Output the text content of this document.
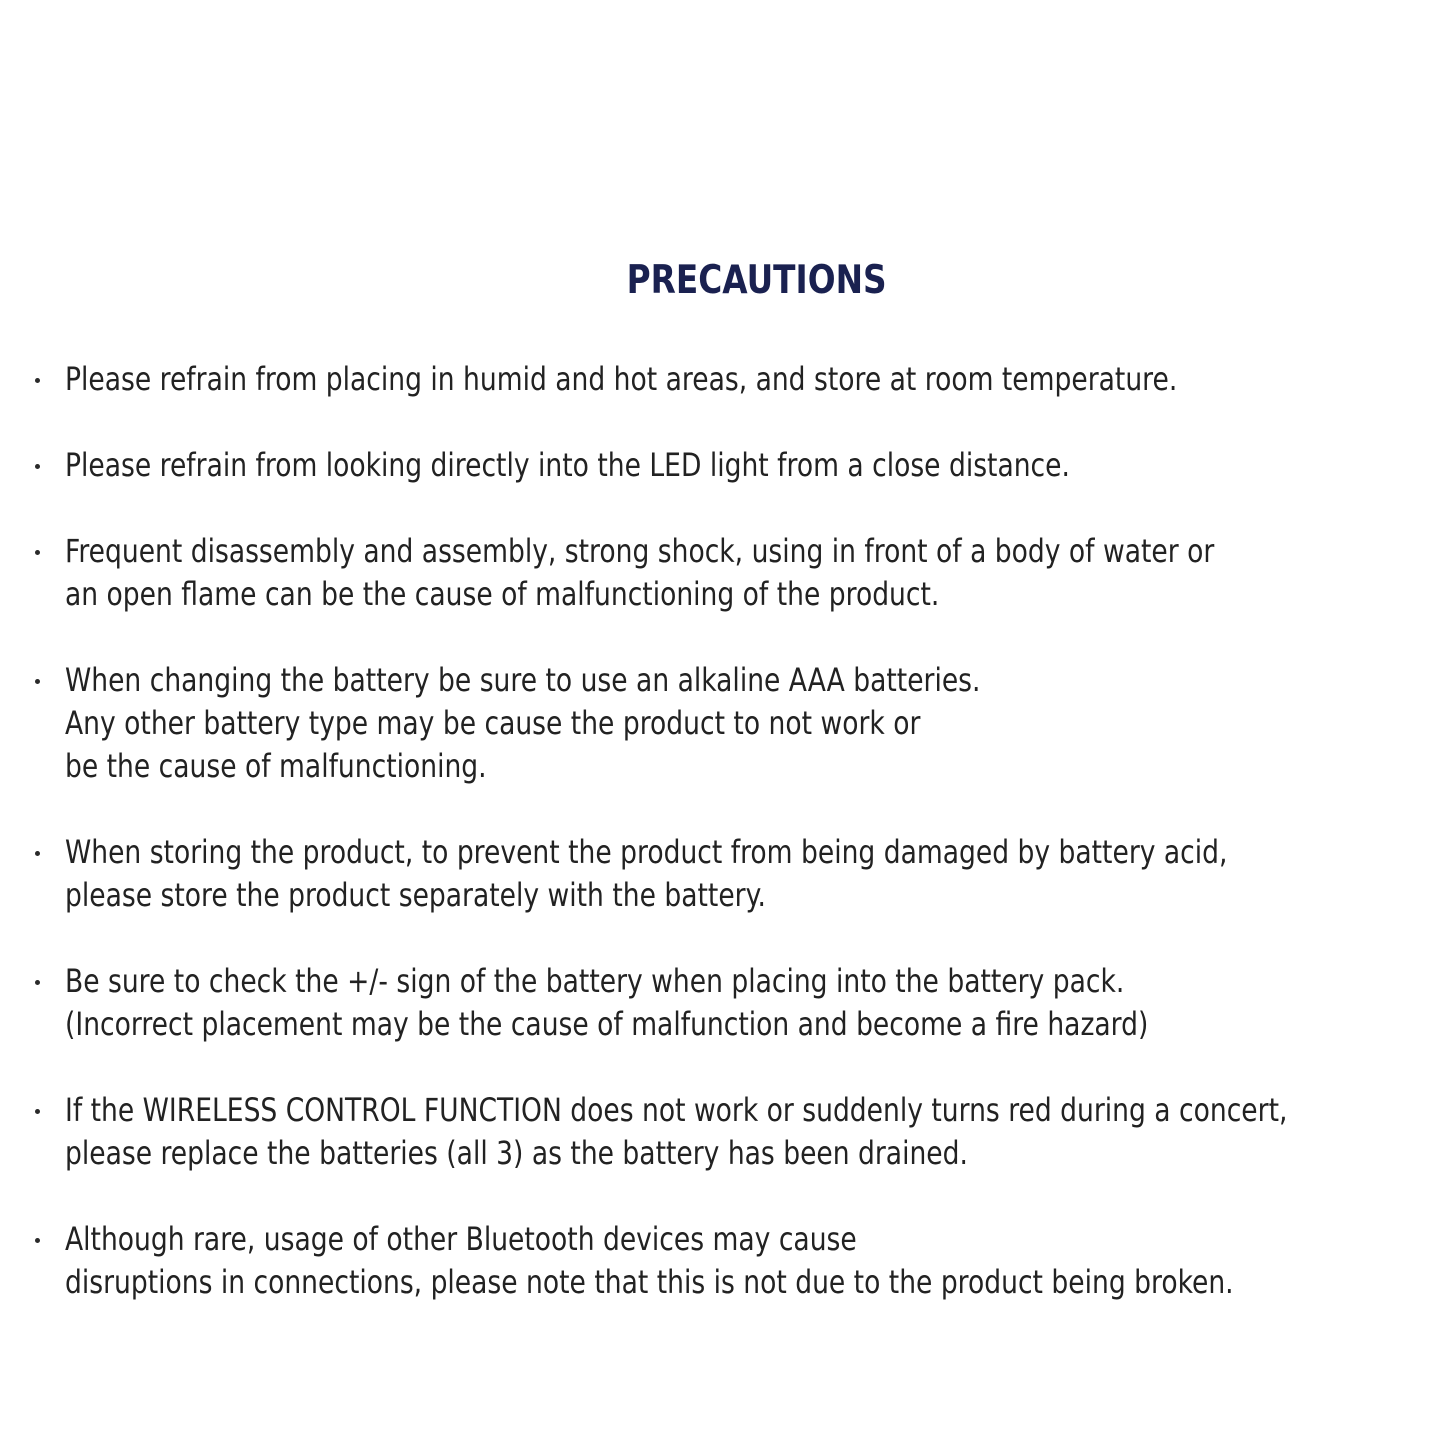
PRECAUTIONS
Please refrain from placing in humid and hot areas, and store at room temperature.
Please refrain from looking directly into the LED light from a close distance.
Frequent disassembly and assembly, strong shock, using in front of a body of water or
an open flame can be the cause of malfunctioning of the product.
When changing the battery be sure to use an alkaline AAA batteries.
Any other battery type may be cause the product to not work or
be the cause of malfunctioning.
When storing the product, to prevent the product from being damaged by battery acid,
please store the product separately with the battery.
Be sure to check the +/- sign of the battery when placing into the battery pack.
(Incorrect placement may be the cause of malfunction and become a fire hazard)
If the WIRELESS CONTROL FUNCTION does not work or suddenly turns red during a concert,
please replace the batteries (all 3) as the battery has been drained.
Although rare, usage of other Bluetooth devices may cause
disruptions in connections, please note that this is not due to the product being broken.
